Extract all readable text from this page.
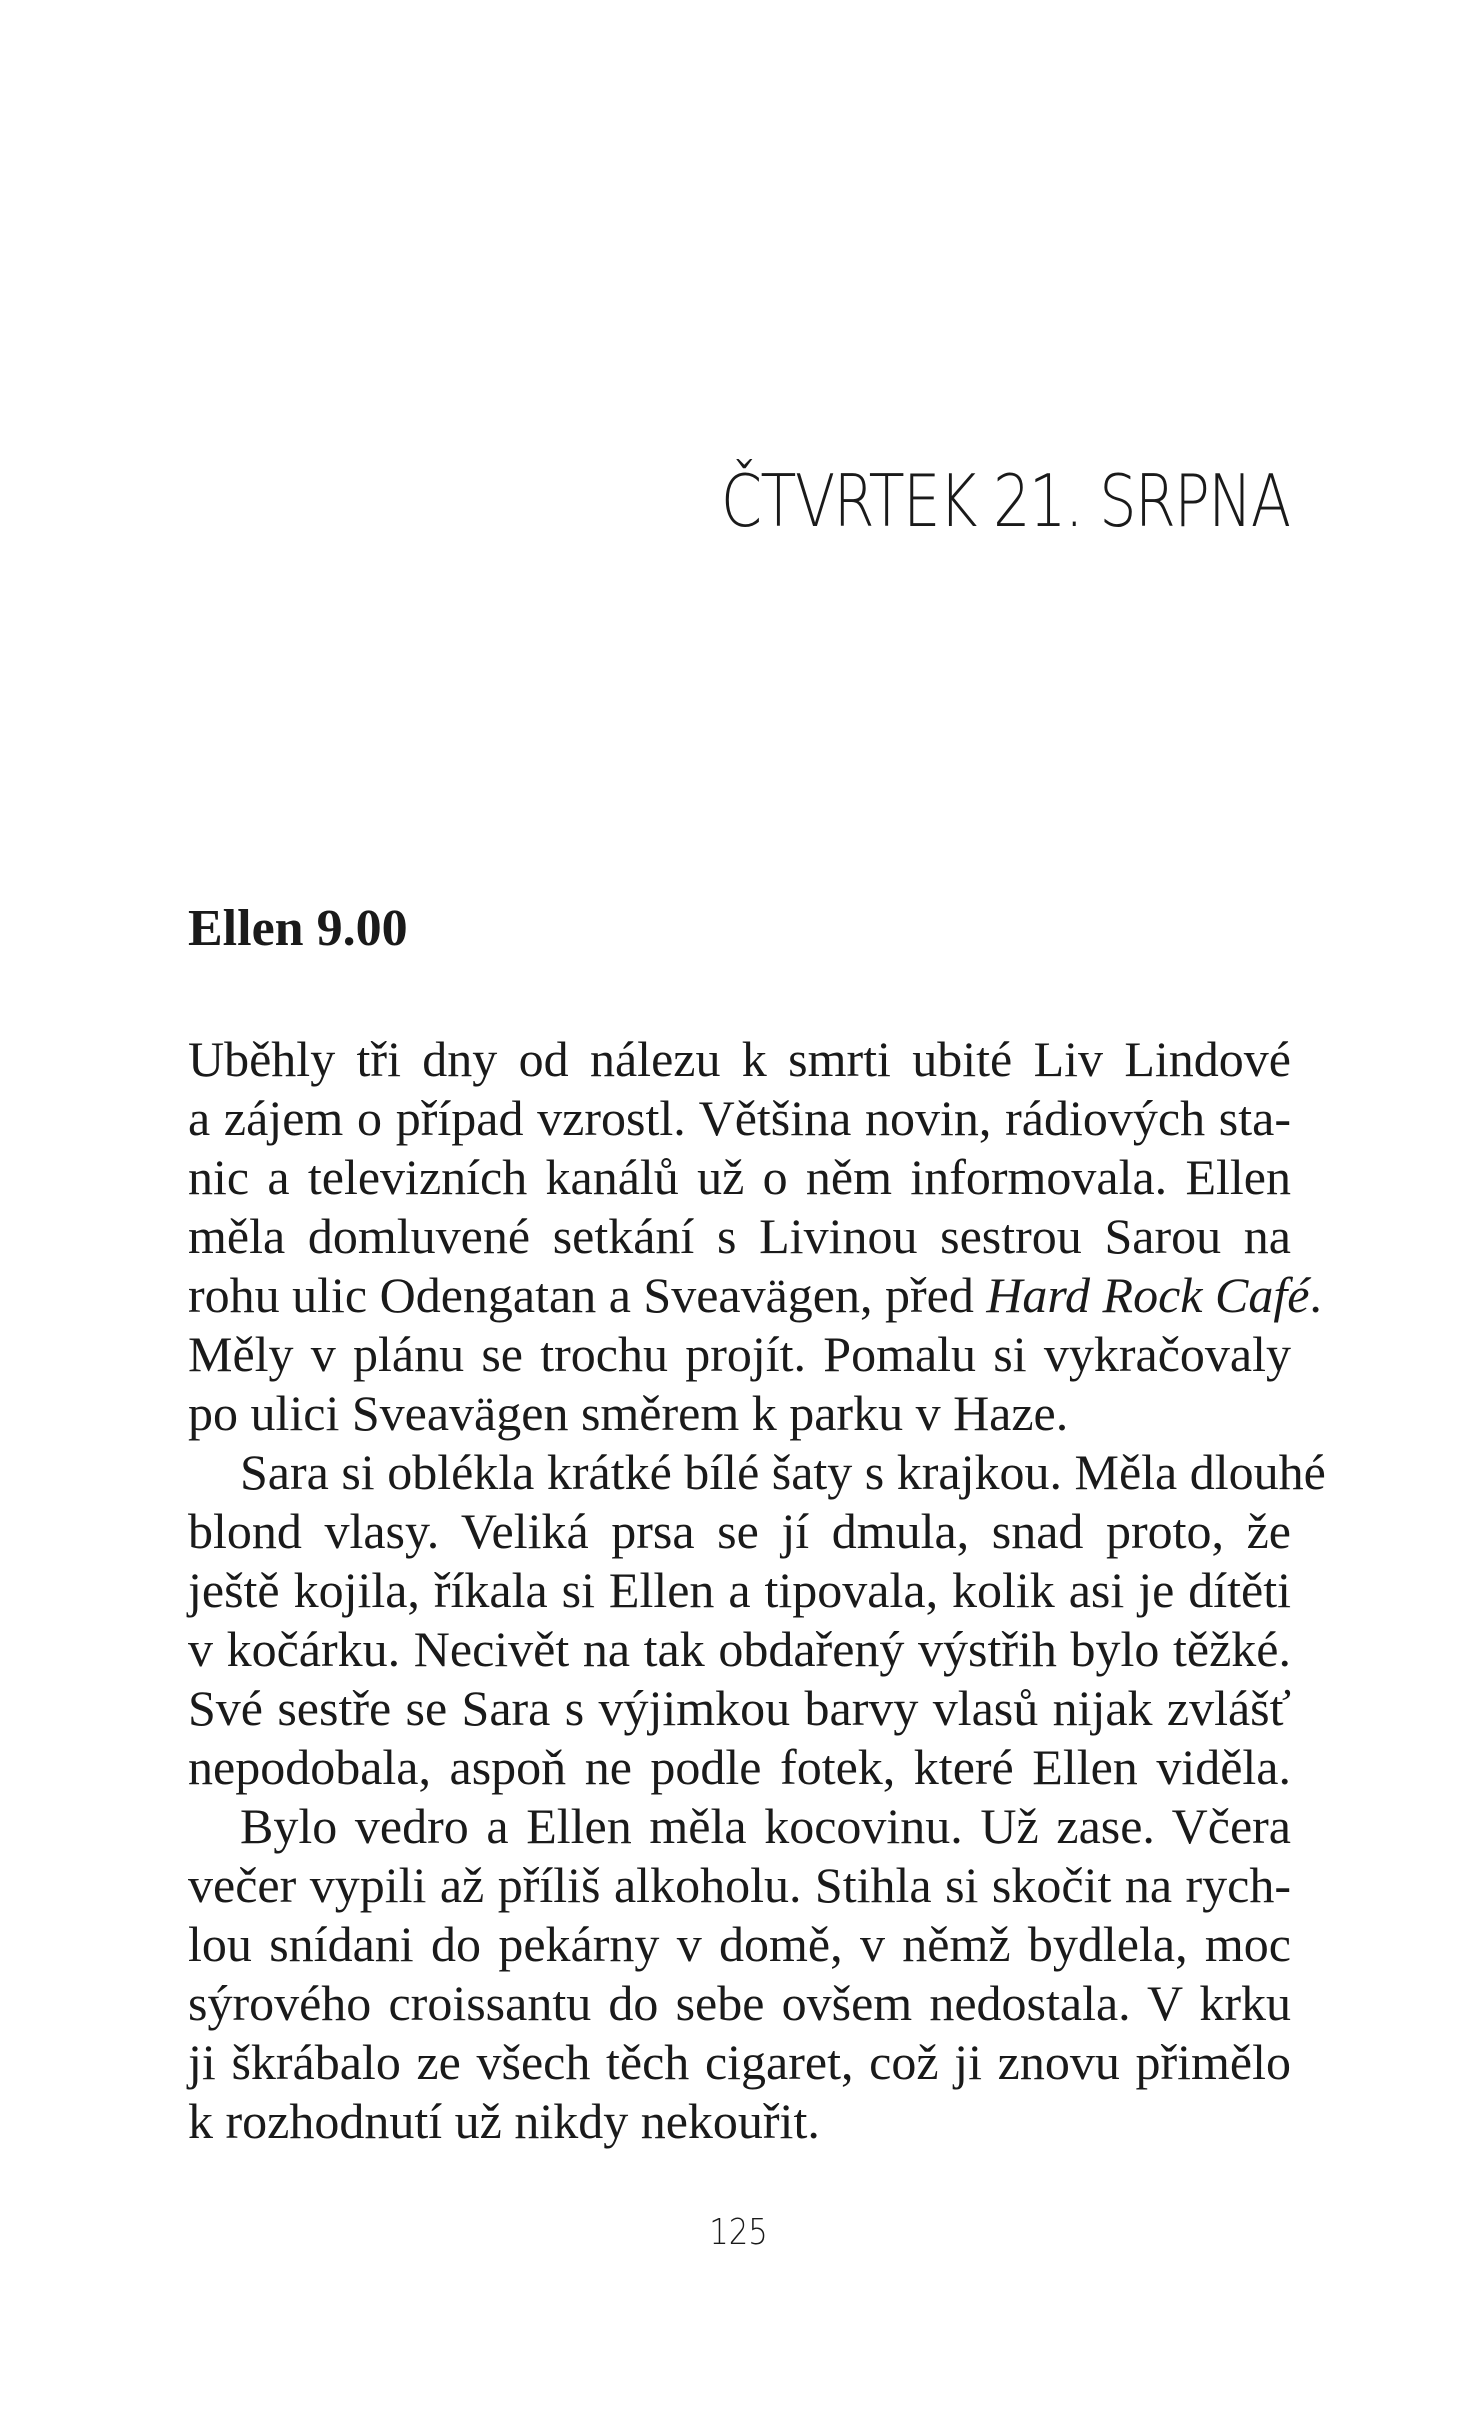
ČTVRTEK 21. SRPNA
Ellen 9.00
Uběhly tři dny od nálezu k smrti ubité Liv Lindové
a zájem o případ vzrostl. Většina novin, rádiových sta-
nic a televizních kanálů už o něm informovala. Ellen
měla domluvené setkání s Livinou sestrou Sarou na
rohu ulic Odengatan a Sveavägen, před Hard Rock Café.
Měly v plánu se trochu projít. Pomalu si vykračovaly
po ulici Sveavägen směrem k parku v Haze.
Sara si oblékla krátké bílé šaty s krajkou. Měla dlouhé
blond vlasy. Veliká prsa se jí dmula, snad proto, že
ještě kojila, říkala si Ellen a tipovala, kolik asi je dítěti
v kočárku. Necivět na tak obdařený výstřih bylo těžké.
Své sestře se Sara s výjimkou barvy vlasů nijak zvlášť
nepodobala, aspoň ne podle fotek, které Ellen viděla.
Bylo vedro a Ellen měla kocovinu. Už zase. Včera
večer vypili až příliš alkoholu. Stihla si skočit na rych-
lou snídani do pekárny v domě, v němž bydlela, moc
sýrového croissantu do sebe ovšem nedostala. V krku
ji škrábalo ze všech těch cigaret, což ji znovu přimělo
k rozhodnutí už nikdy nekouřit.

125
